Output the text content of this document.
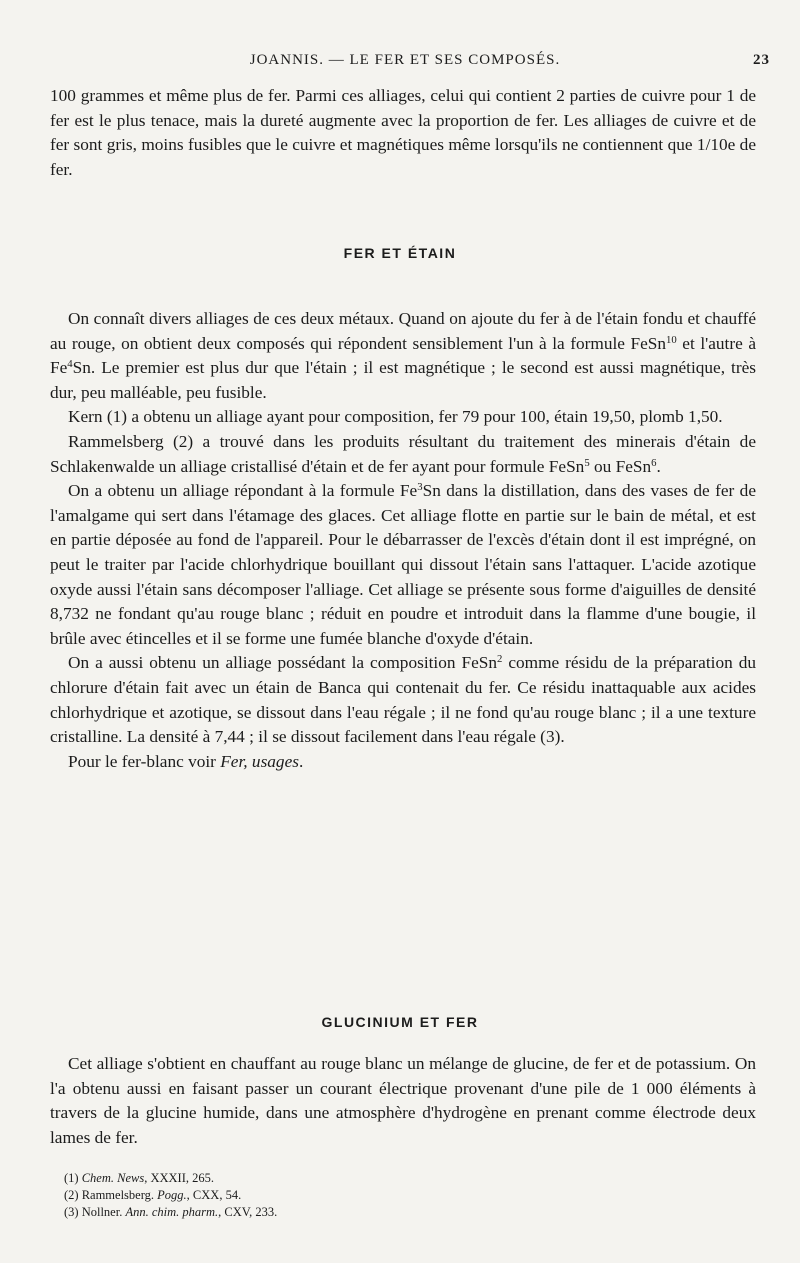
JOANNIS. — LE FER ET SES COMPOSÉS.	23

100 grammes et même plus de fer. Parmi ces alliages, celui qui contient 2 parties de cuivre pour 1 de fer est le plus tenace, mais la dureté augmente avec la proportion de fer. Les alliages de cuivre et de fer sont gris, moins fusibles que le cuivre et magnétiques même lorsqu'ils ne contiennent que 1/10e de fer.

FER ET ÉTAIN

On connaît divers alliages de ces deux métaux. Quand on ajoute du fer à de l'étain fondu et chauffé au rouge, on obtient deux composés qui répondent sensiblement l'un à la formule FeSn$^{10}$ et l'autre à Fe$^4$Sn. Le premier est plus dur que l'étain ; il est magnétique ; le second est aussi magnétique, très dur, peu malléable, peu fusible.

Kern (1) a obtenu un alliage ayant pour composition, fer 79 pour 100, étain 19,50, plomb 1,50.

Rammelsberg (2) a trouvé dans les produits résultant du traitement des minerais d'étain de Schlakenwalde un alliage cristallisé d'étain et de fer ayant pour formule FeSn$^5$ ou FeSn$^6$.

On a obtenu un alliage répondant à la formule Fe$^3$Sn dans la distillation, dans des vases de fer de l'amalgame qui sert dans l'étamage des glaces. Cet alliage flotte en partie sur le bain de métal, et est en partie déposée au fond de l'appareil. Pour le débarrasser de l'excès d'étain dont il est imprégné, on peut le traiter par l'acide chlorhydrique bouillant qui dissout l'étain sans l'attaquer. L'acide azotique oxyde aussi l'étain sans décomposer l'alliage. Cet alliage se présente sous forme d'aiguilles de densité 8,732 ne fondant qu'au rouge blanc ; réduit en poudre et introduit dans la flamme d'une bougie, il brûle avec étincelles et il se forme une fumée blanche d'oxyde d'étain.

On a aussi obtenu un alliage possédant la composition FeSn$^2$ comme résidu de la préparation du chlorure d'étain fait avec un étain de Banca qui contenait du fer. Ce résidu inattaquable aux acides chlorhydrique et azotique, se dissout dans l'eau régale ; il ne fond qu'au rouge blanc ; il a une texture cristalline. La densité à 7,44 ; il se dissout facilement dans l'eau régale (3).

Pour le fer-blanc voir Fer, usages.

GLUCINIUM ET FER

Cet alliage s'obtient en chauffant au rouge blanc un mélange de glucine, de fer et de potassium. On l'a obtenu aussi en faisant passer un courant électrique provenant d'une pile de 1 000 éléments à travers de la glucine humide, dans une atmosphère d'hydrogène en prenant comme électrode deux lames de fer.

(1) Chem. News, XXXII, 265.
(2) Rammelsberg. Pogg., CXX, 54.
(3) Nollner. Ann. chim. pharm., CXV, 233.
